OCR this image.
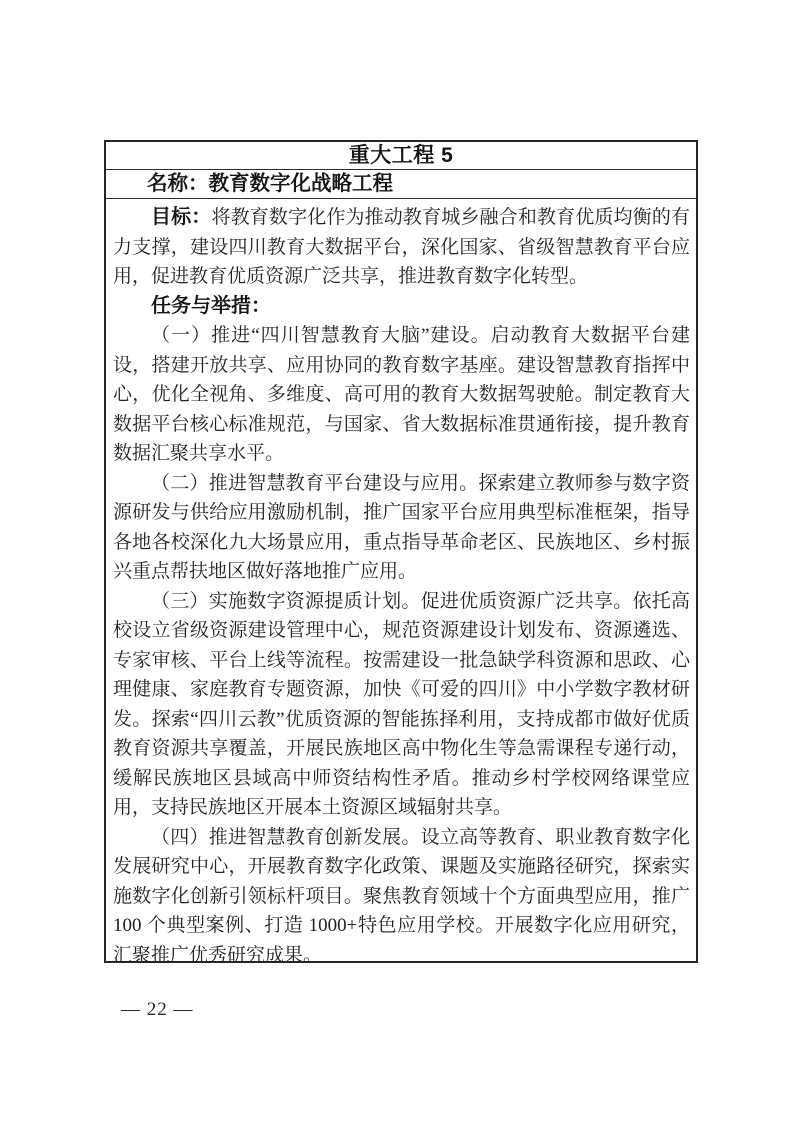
重大工程 5
名称：教育数字化战略工程

目标：将教育数字化作为推动教育城乡融合和教育优质均衡的有力支撑，建设四川教育大数据平台，深化国家、省级智慧教育平台应用，促进教育优质资源广泛共享，推进教育数字化转型。

任务与举措：

（一）推进“四川智慧教育大脑”建设。启动教育大数据平台建设，搭建开放共享、应用协同的教育数字基座。建设智慧教育指挥中心，优化全视角、多维度、高可用的教育大数据驾驶舱。制定教育大数据平台核心标准规范，与国家、省大数据标准贯通衔接，提升教育数据汇聚共享水平。

（二）推进智慧教育平台建设与应用。探索建立教师参与数字资源研发与供给应用激励机制，推广国家平台应用典型标准框架，指导各地各校深化九大场景应用，重点指导革命老区、民族地区、乡村振兴重点帮扶地区做好落地推广应用。

（三）实施数字资源提质计划。促进优质资源广泛共享。依托高校设立省级资源建设管理中心，规范资源建设计划发布、资源遴选、专家审核、平台上线等流程。按需建设一批急缺学科资源和思政、心理健康、家庭教育专题资源，加快《可爱的四川》中小学数字教材研发。探索“四川云教”优质资源的智能拣择利用，支持成都市做好优质教育资源共享覆盖，开展民族地区高中物化生等急需课程专递行动，缓解民族地区县域高中师资结构性矛盾。推动乡村学校网络课堂应用，支持民族地区开展本土资源区域辐射共享。

（四）推进智慧教育创新发展。设立高等教育、职业教育数字化发展研究中心，开展教育数字化政策、课题及实施路径研究，探索实施数字化创新引领标杆项目。聚焦教育领域十个方面典型应用，推广 100 个典型案例、打造 1000+特色应用学校。开展数字化应用研究，汇聚推广优秀研究成果。

— 22 —
